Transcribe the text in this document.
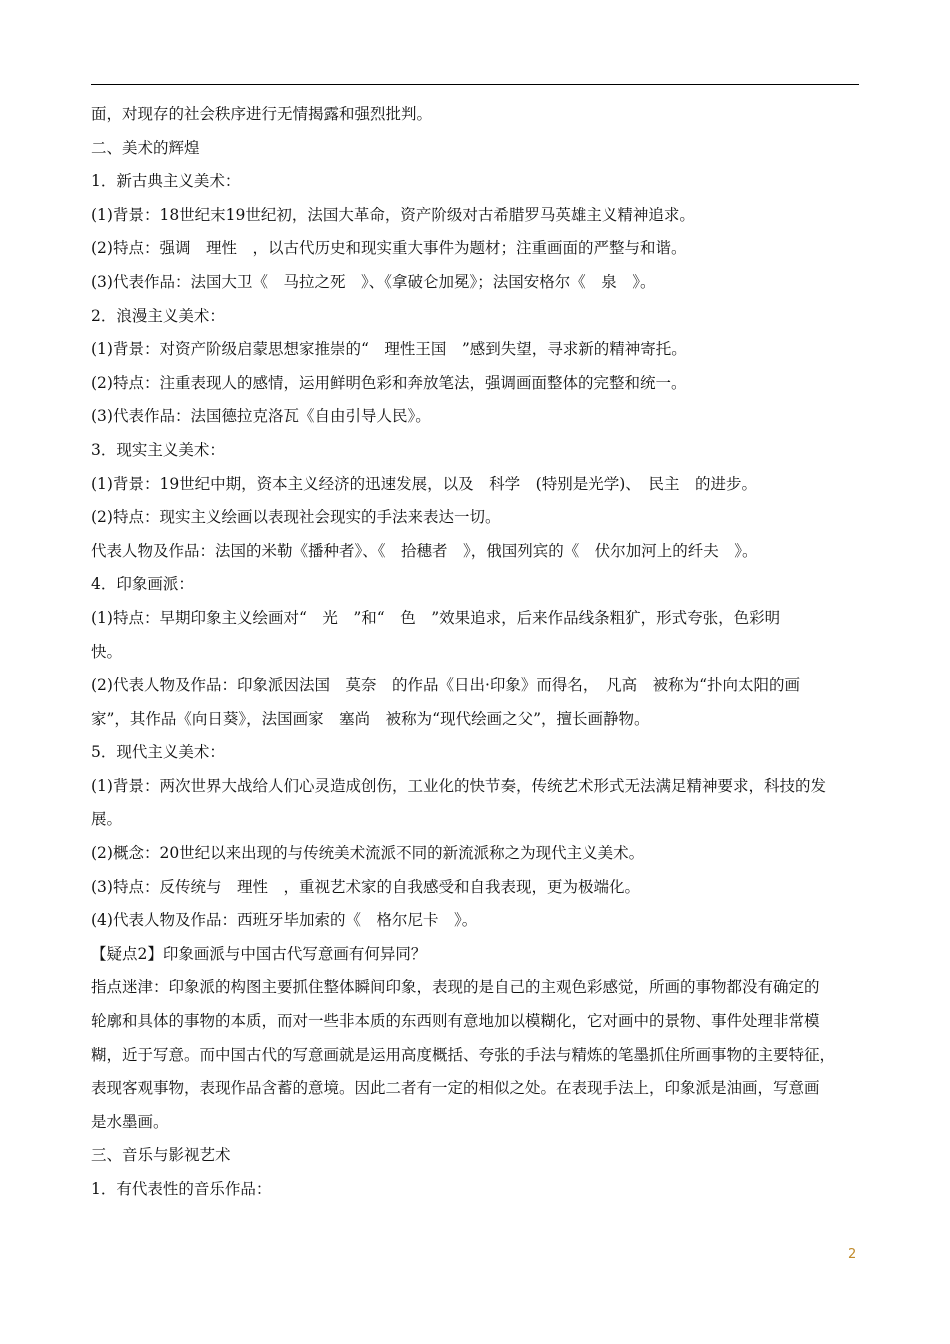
面，对现存的社会秩序进行无情揭露和强烈批判。
二、美术的辉煌
1．新古典主义美术：
(1)背景：18世纪末19世纪初，法国大革命，资产阶级对古希腊罗马英雄主义精神追求。
(2)特点：强调　理性　，以古代历史和现实重大事件为题材；注重画面的严整与和谐。
(3)代表作品：法国大卫《　马拉之死　》、《拿破仑加冕》；法国安格尔《　泉　》。
2．浪漫主义美术：
(1)背景：对资产阶级启蒙思想家推崇的“　理性王国　”感到失望，寻求新的精神寄托。
(2)特点：注重表现人的感情，运用鲜明色彩和奔放笔法，强调画面整体的完整和统一。
(3)代表作品：法国德拉克洛瓦《自由引导人民》。
3．现实主义美术：
(1)背景：19世纪中期，资本主义经济的迅速发展，以及　科学　(特别是光学)、　民主　的进步。
(2)特点：现实主义绘画以表现社会现实的手法来表达一切。
代表人物及作品：法国的米勒《播种者》、《　拾穗者　》，俄国列宾的《　伏尔加河上的纤夫　》。
4．印象画派：
(1)特点：早期印象主义绘画对“　光　”和“　色　”效果追求，后来作品线条粗犷，形式夸张，色彩明
快。
(2)代表人物及作品：印象派因法国　莫奈　的作品《日出·印象》而得名，　凡高　被称为“扑向太阳的画
家”，其作品《向日葵》，法国画家　塞尚　被称为“现代绘画之父”，擅长画静物。
5．现代主义美术：
(1)背景：两次世界大战给人们心灵造成创伤，工业化的快节奏，传统艺术形式无法满足精神要求，科技的发
展。
(2)概念：20世纪以来出现的与传统美术流派不同的新流派称之为现代主义美术。
(3)特点：反传统与　理性　，重视艺术家的自我感受和自我表现，更为极端化。
(4)代表人物及作品：西班牙毕加索的《　格尔尼卡　》。
【疑点2】印象画派与中国古代写意画有何异同？
指点迷津：印象派的构图主要抓住整体瞬间印象，表现的是自己的主观色彩感觉，所画的事物都没有确定的
轮廓和具体的事物的本质，而对一些非本质的东西则有意地加以模糊化，它对画中的景物、事件处理非常模
糊，近于写意。而中国古代的写意画就是运用高度概括、夸张的手法与精炼的笔墨抓住所画事物的主要特征，
表现客观事物，表现作品含蓄的意境。因此二者有一定的相似之处。在表现手法上，印象派是油画，写意画
是水墨画。
三、音乐与影视艺术
1．有代表性的音乐作品：
2
